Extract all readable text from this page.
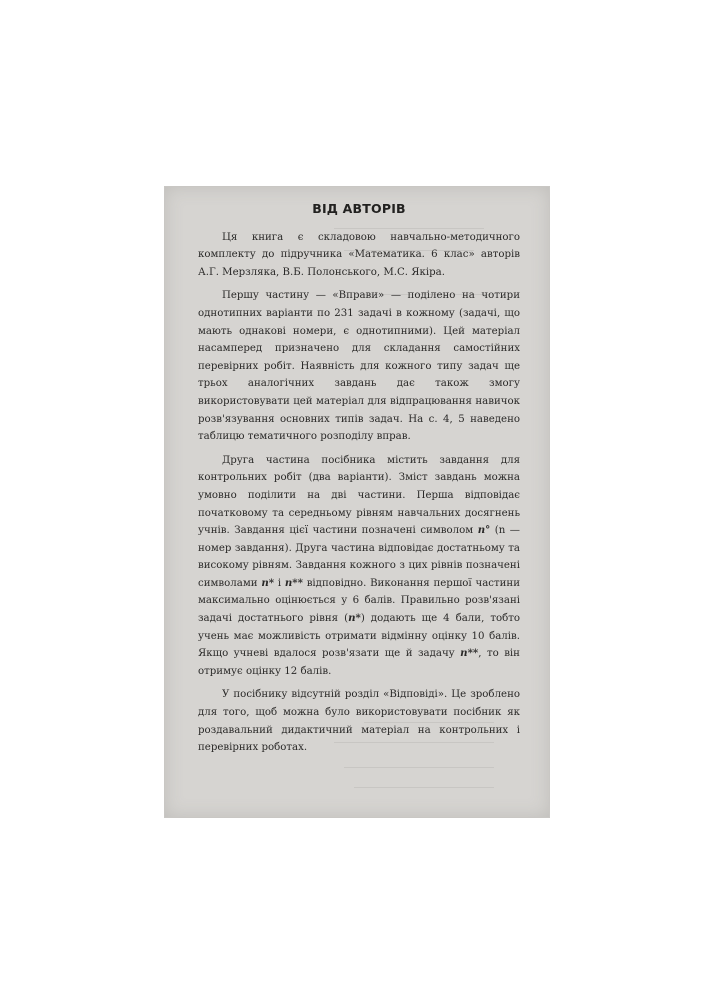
ВІД АВТОРІВ

Ця книга є складовою навчально-методичного комплекту до підручника «Математика. 6 клас» авторів А.Г. Мерзляка, В.Б. Полонського, М.С. Якіра.

Першу частину — «Вправи» — поділено на чотири однотипних варіанти по 231 задачі в кожному (задачі, що мають однакові номери, є однотипними). Цей матеріал насамперед призначено для складання самостійних перевірних робіт. Наявність для кожного типу задач ще трьох аналогічних завдань дає також змогу використовувати цей матеріал для відпрацювання навичок розв'язування основних типів задач. На с. 4, 5 наведено таблицю тематичного розподілу вправ.

Друга частина посібника містить завдання для контрольних робіт (два варіанти). Зміст завдань можна умовно поділити на дві частини. Перша відповідає початковому та середньому рівням навчальних досягнень учнів. Завдання цієї частини позначені символом n° (n — номер завдання). Друга частина відповідає достатньому та високому рівням. Завдання кожного з цих рівнів позначені символами n* і n** відповідно. Виконання першої частини максимально оцінюється у 6 балів. Правильно розв'язані задачі достатнього рівня (n*) додають ще 4 бали, тобто учень має можливість отримати відмінну оцінку 10 балів. Якщо учневі вдалося розв'язати ще й задачу n**, то він отримує оцінку 12 балів.

У посібнику відсутній розділ «Відповіді». Це зроблено для того, щоб можна було використовувати посібник як роздавальний дидактичний матеріал на контрольних і перевірних роботах.
